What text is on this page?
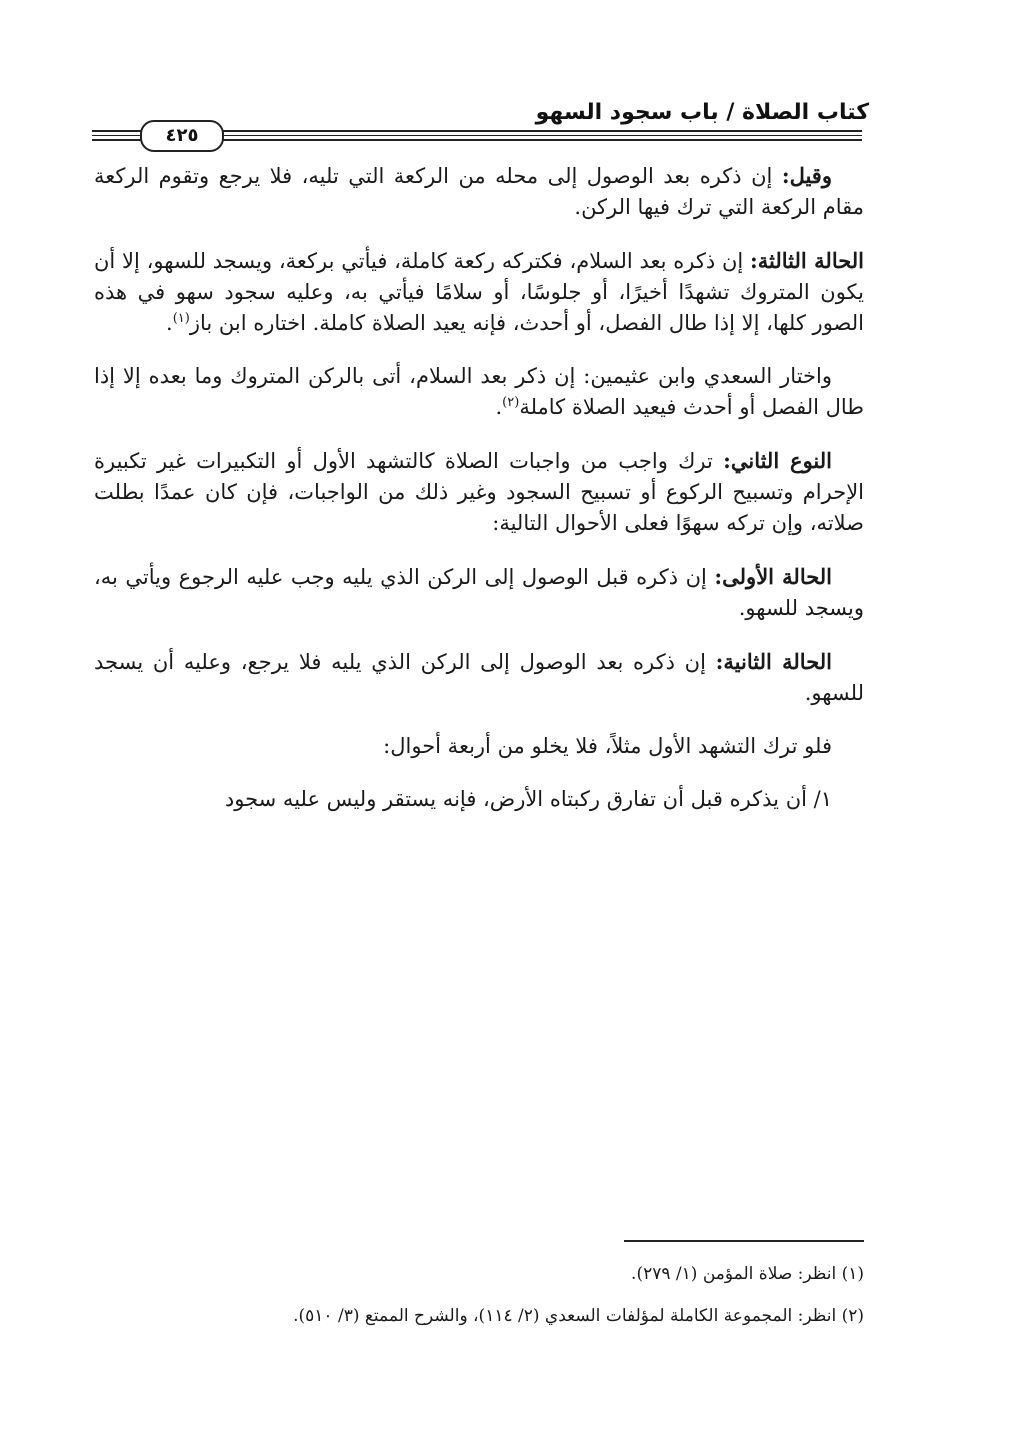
كتاب الصلاة / باب سجود السهو
٤٢٥

وقيل: إن ذكره بعد الوصول إلى محله من الركعة التي تليه، فلا يرجع وتقوم الركعة مقام الركعة التي ترك فيها الركن.

الحالة الثالثة: إن ذكره بعد السلام، فكتركه ركعة كاملة، فيأتي بركعة، ويسجد للسهو، إلا أن يكون المتروك تشهدًا أخيرًا، أو جلوسًا، أو سلامًا فيأتي به، وعليه سجود سهو في هذه الصور كلها، إلا إذا طال الفصل، أو أحدث، فإنه يعيد الصلاة كاملة. اختاره ابن باز$^{(١)}$.

واختار السعدي وابن عثيمين: إن ذكر بعد السلام، أتى بالركن المتروك وما بعده إلا إذا طال الفصل أو أحدث فيعيد الصلاة كاملة$^{(٢)}$.

النوع الثاني: ترك واجب من واجبات الصلاة كالتشهد الأول أو التكبيرات غير تكبيرة الإحرام وتسبيح الركوع أو تسبيح السجود وغير ذلك من الواجبات، فإن كان عمدًا بطلت صلاته، وإن تركه سهوًا فعلى الأحوال التالية:

الحالة الأولى: إن ذكره قبل الوصول إلى الركن الذي يليه وجب عليه الرجوع ويأتي به، ويسجد للسهو.

الحالة الثانية: إن ذكره بعد الوصول إلى الركن الذي يليه فلا يرجع، وعليه أن يسجد للسهو.

فلو ترك التشهد الأول مثلاً، فلا يخلو من أربعة أحوال:

١/ أن يذكره قبل أن تفارق ركبتاه الأرض، فإنه يستقر وليس عليه سجود

(١) انظر: صلاة المؤمن (١/ ٢٧٩).

(٢) انظر: المجموعة الكاملة لمؤلفات السعدي (٢/ ١١٤)، والشرح الممتع (٣/ ٥١٠).
